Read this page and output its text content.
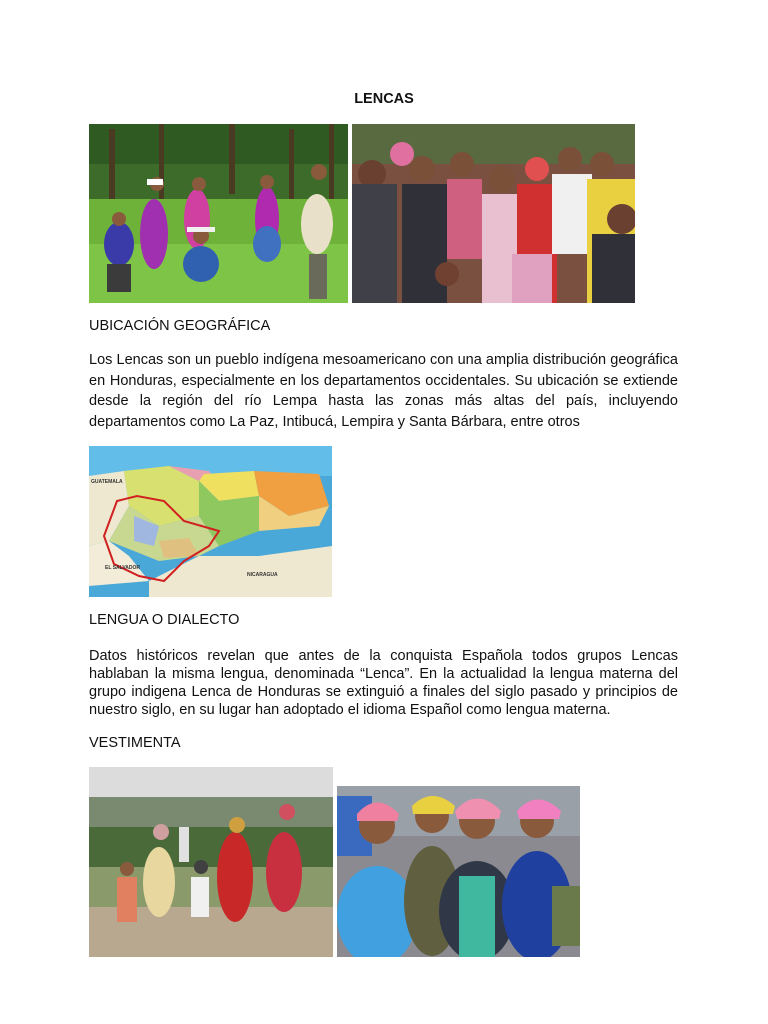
LENCAS
UBICACIÓN GEOGRÁFICA

Los Lencas son un pueblo indígena mesoamericano con una amplia distribución geográfica en Honduras, especialmente en los departamentos occidentales. Su ubicación se extiende desde la región del río Lempa hasta las zonas más altas del país, incluyendo departamentos como La Paz, Intibucá, Lempira y Santa Bárbara, entre otros

GUATEMALA
EL SALVADOR
NICARAGUA
LENGUA O DIALECTO

Datos históricos revelan que antes de la conquista Española todos grupos Lencas hablaban la misma lengua, denominada “Lenca”. En la actualidad la lengua materna del grupo indigena Lenca de Honduras se extinguió a finales del siglo pasado y principios de nuestro siglo, en su lugar han adoptado el idioma Español como lengua materna.

VESTIMENTA
